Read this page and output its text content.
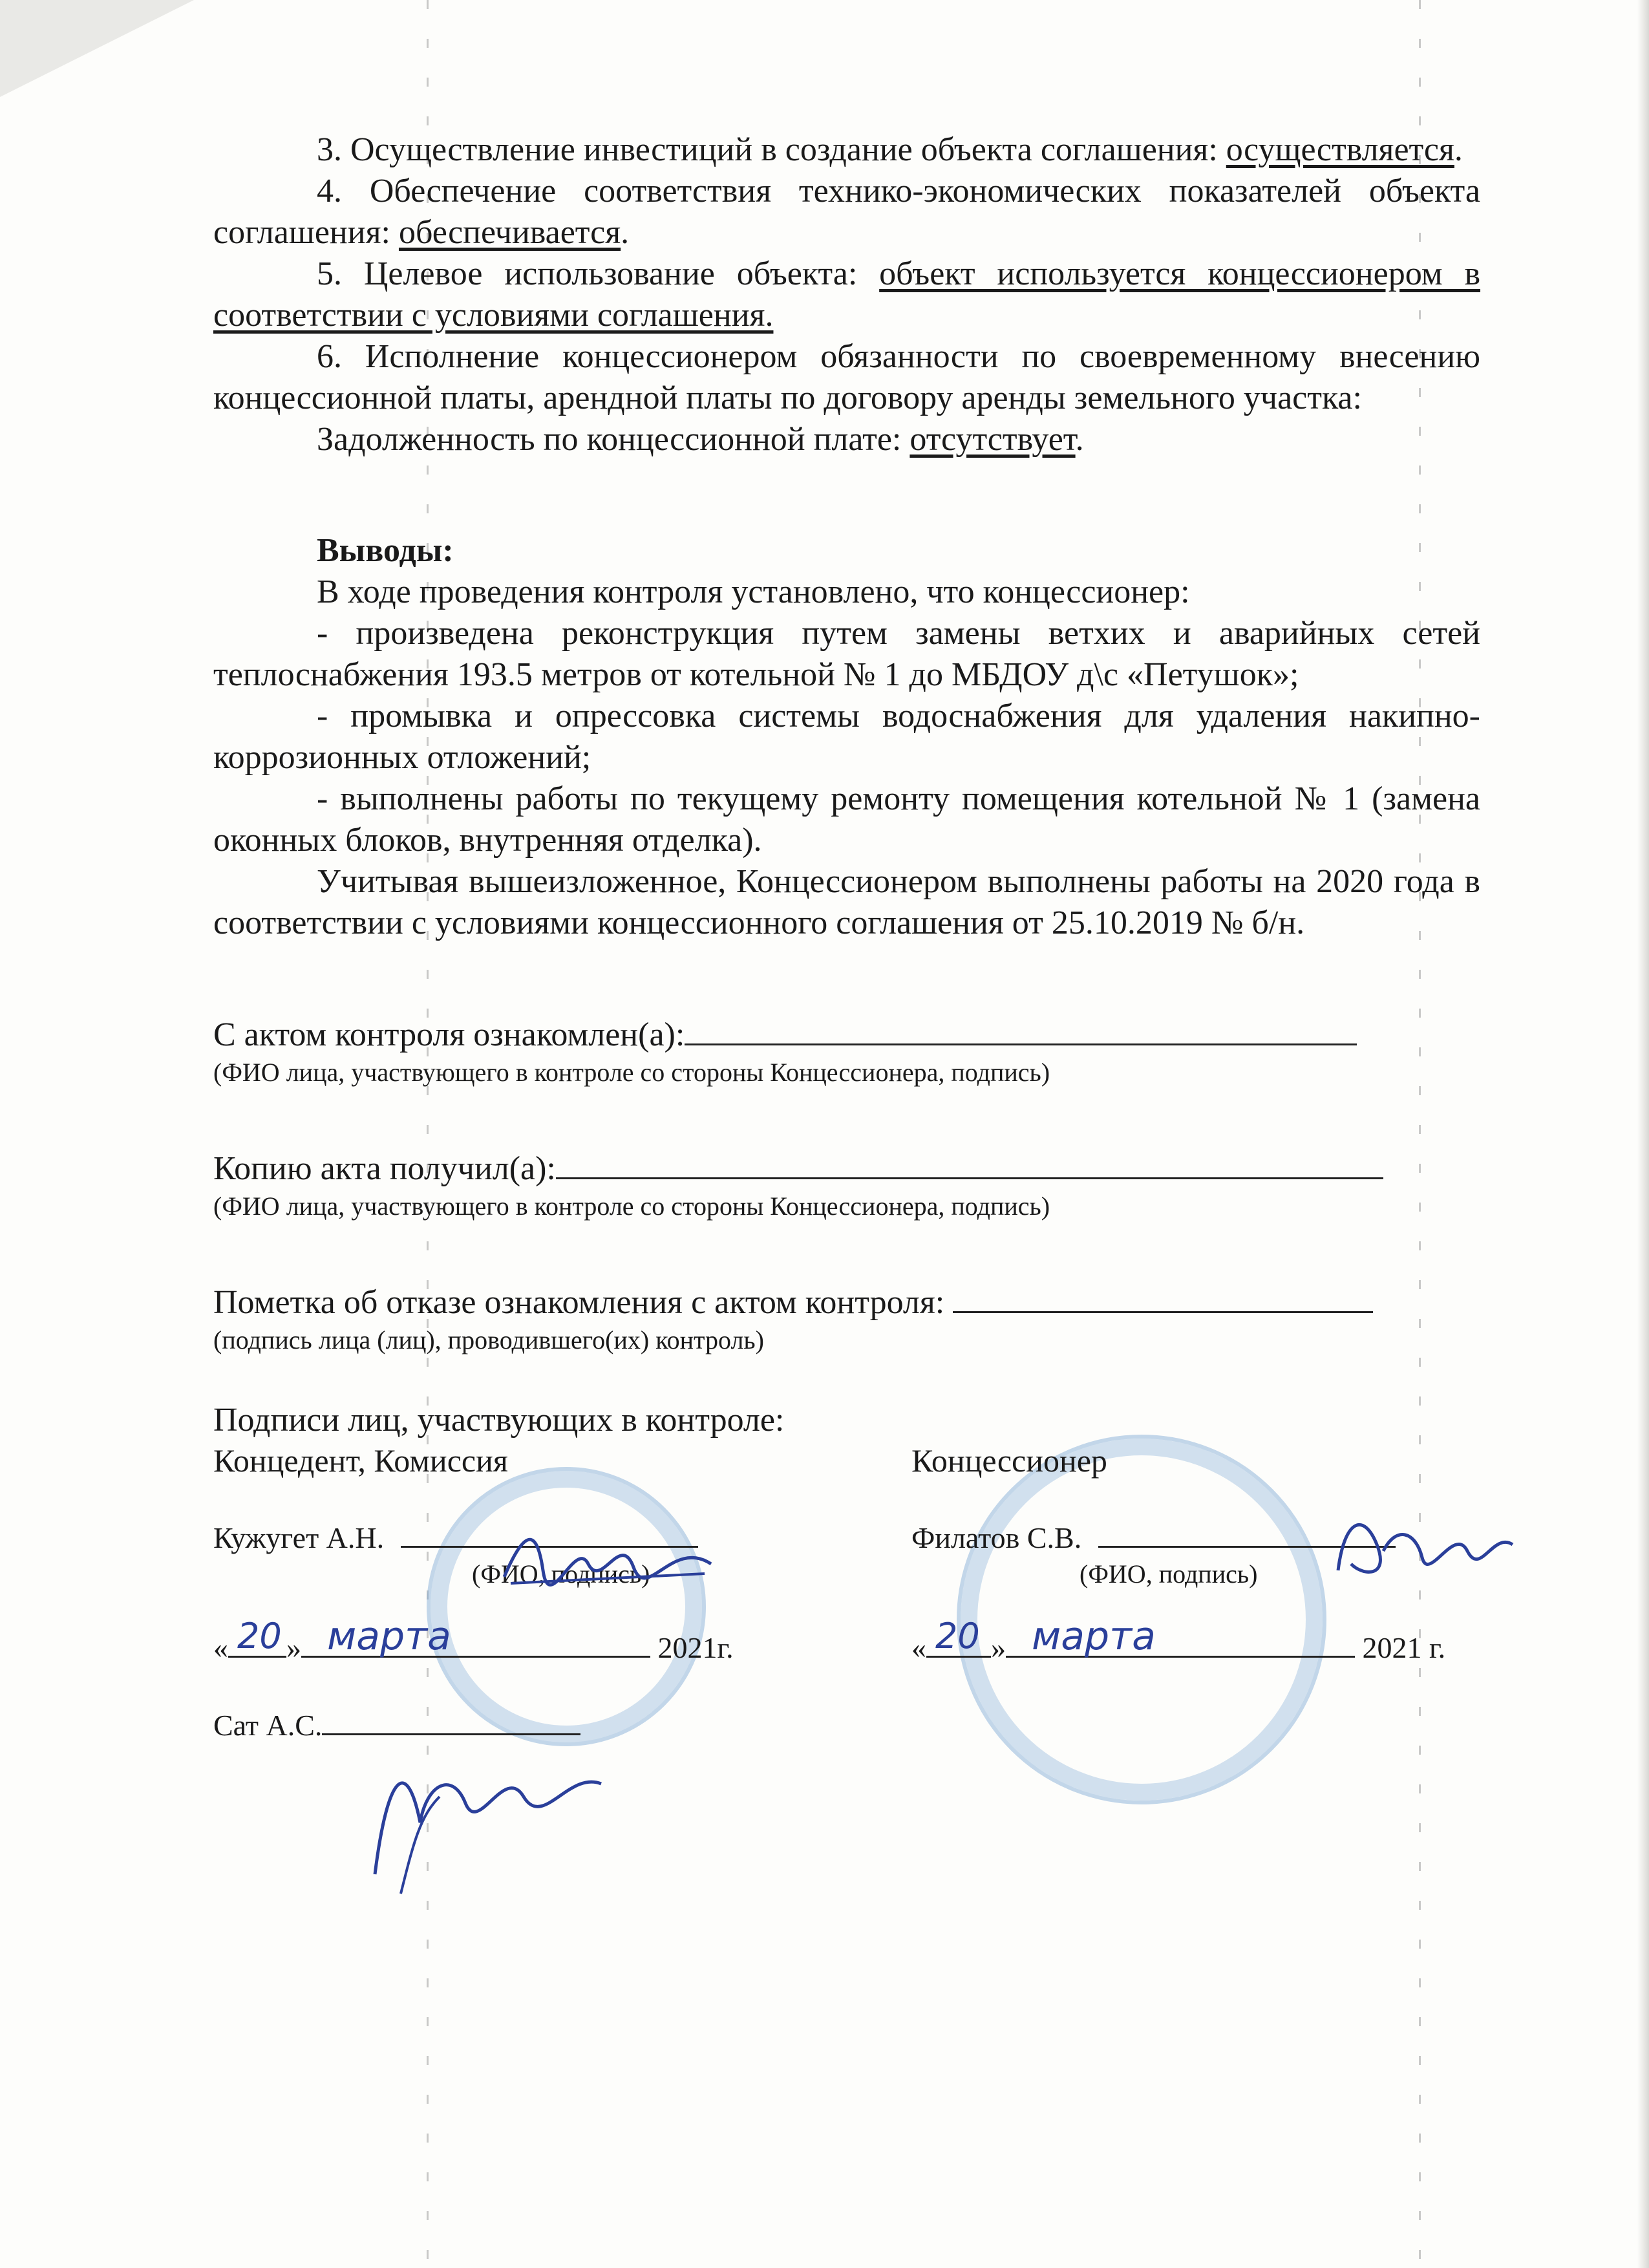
3. Осуществление инвестиций в создание объекта соглашения: осуществляется.

4. Обеспечение соответствия технико-экономических показателей объекта соглашения: обеспечивается.

5. Целевое использование объекта: объект используется концессионером в соответствии с условиями соглашения.

6. Исполнение концессионером обязанности по своевременному внесению концессионной платы, арендной платы по договору аренды земельного участка:

Задолженность по концессионной плате: отсутствует.

Выводы:

В ходе проведения контроля установлено, что концессионер:

- произведена реконструкция путем замены ветхих и аварийных сетей теплоснабжения 193.5 метров от котельной № 1 до МБДОУ д\с «Петушок»;

- промывка и опрессовка системы водоснабжения для удаления накипно-коррозионных отложений;

- выполнены работы по текущему ремонту помещения котельной № 1 (замена оконных блоков, внутренняя отделка).

Учитывая вышеизложенное, Концессионером выполнены работы на 2020 года в соответствии с условиями концессионного соглашения от 25.10.2019 № б/н.

С актом контроля ознакомлен(а):
(ФИО лица, участвующего в контроле со стороны Концессионера, подпись)
Копию акта получил(а):
(ФИО лица, участвующего в контроле со стороны Концессионера, подпись)
Пометка об отказе ознакомления с актом контроля:
(подпись лица (лиц), проводившего(их) контроль)

Подписи лиц, участвующих в контроле:

Концедент, Комиссия
Кужугет А.Н.
(ФИО, подпись)
« 20 » марта	2021г.
Сат А.С.
Концессионер
Филатов С.В.
(ФИО, подпись)
« 20 » марта	2021 г.
